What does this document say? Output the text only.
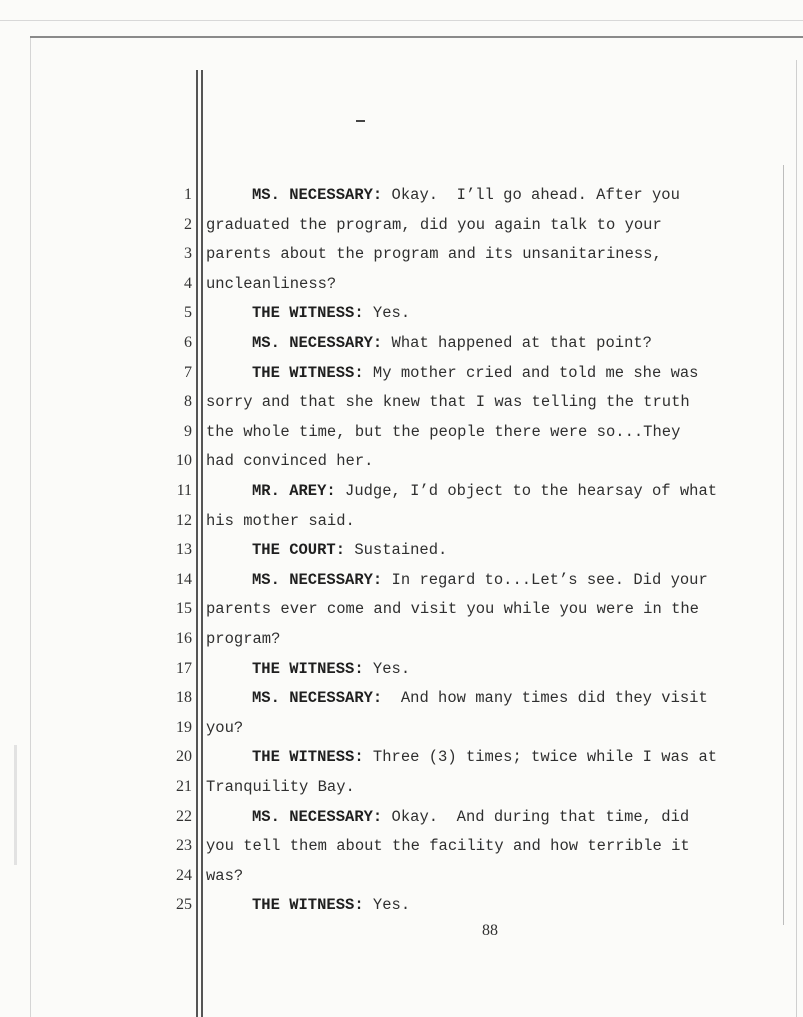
1	MS. NECESSARY: Okay.  I’ll go ahead. After you
2 graduated the program, did you again talk to your
3 parents about the program and its unsanitariness,
4 uncleanliness?
5	THE WITNESS: Yes.
6	MS. NECESSARY: What happened at that point?
7	THE WITNESS: My mother cried and told me she was
8 sorry and that she knew that I was telling the truth
9 the whole time, but the people there were so...They
10 had convinced her.
11	MR. AREY: Judge, I’d object to the hearsay of what
12 his mother said.
13	THE COURT: Sustained.
14	MS. NECESSARY: In regard to...Let’s see. Did your
15 parents ever come and visit you while you were in the
16 program?
17	THE WITNESS: Yes.
18	MS. NECESSARY:  And how many times did they visit
19 you?
20	THE WITNESS: Three (3) times; twice while I was at
21 Tranquility Bay.
22	MS. NECESSARY: Okay.  And during that time, did
23 you tell them about the facility and how terrible it
24 was?
25	THE WITNESS: Yes.
88
